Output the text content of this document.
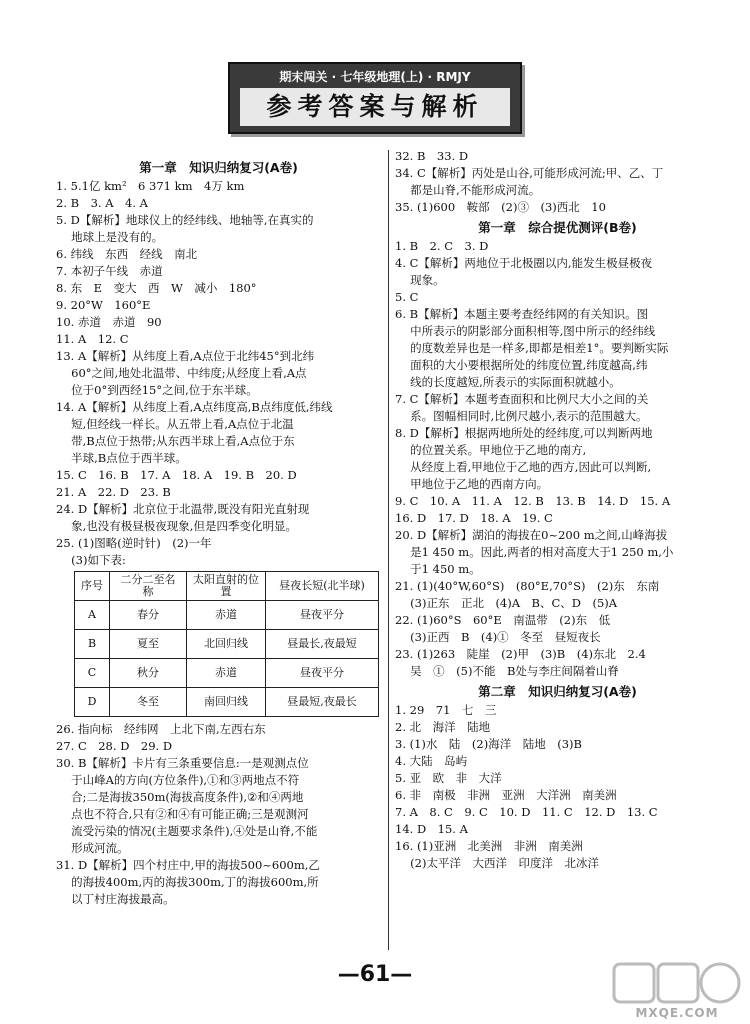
期末闯关 · 七年级地理(上) · RMJY
参考答案与解析
第一章　知识归纳复习(A卷)
1. 5.1亿 km²　6 371 km　4万 km
2. B　3. A　4. A
5. D【解析】地球仪上的经纬线、地轴等,在真实的
　 地球上是没有的。
6. 纬线　东西　经线　南北
7. 本初子午线　赤道
8. 东　E　变大　西　W　减小　180°
9. 20°W　160°E
10. 赤道　赤道　90
11. A　12. C
13. A【解析】从纬度上看,A点位于北纬45°到北纬
　 60°之间,地处北温带、中纬度;从经度上看,A点
　 位于0°到西经15°之间,位于东半球。
14. A【解析】从纬度上看,A点纬度高,B点纬度低,纬线
　 短,但经线一样长。从五带上看,A点位于北温
　 带,B点位于热带;从东西半球上看,A点位于东
　 半球,B点位于西半球。
15. C　16. B　17. A　18. A　19. B　20. D
21. A　22. D　23. B
24. D【解析】北京位于北温带,既没有阳光直射现
　 象,也没有极昼极夜现象,但是四季变化明显。
25. (1)图略(逆时针)　(2)一年
　 (3)如下表:
序号	二分二至名称	太阳直射的位置	昼夜长短(北半球)
A	春分	赤道	昼夜平分
B	夏至	北回归线	昼最长,夜最短
C	秋分	赤道	昼夜平分
D	冬至	南回归线	昼最短,夜最长
26. 指向标　经纬网　上北下南,左西右东
27. C　28. D　29. D
30. B【解析】卡片有三条重要信息:一是观测点位
　 于山峰A的方向(方位条件),①和③两地点不符
　 合;二是海拔350m(海拔高度条件),②和④两地
　 点也不符合,只有②和④有可能正确;三是观测河
　 流受污染的情况(主题要求条件),④处是山脊,不能
　 形成河流。
31. D【解析】四个村庄中,甲的海拔500~600m,乙
　 的海拔400m,丙的海拔300m,丁的海拔600m,所
　 以丁村庄海拔最高。
32. B　33. D
34. C【解析】丙处是山谷,可能形成河流;甲、乙、丁
　 都是山脊,不能形成河流。
35. (1)600　鞍部　(2)③　(3)西北　10
第一章　综合提优测评(B卷)
1. B　2. C　3. D
4. C【解析】两地位于北极圈以内,能发生极昼极夜
　 现象。
5. C
6. B【解析】本题主要考查经纬网的有关知识。图
　 中所表示的阴影部分面积相等,图中所示的经纬线
　 的度数差异也是一样多,即都是相差1°。要判断实际
　 面积的大小要根据所处的纬度位置,纬度越高,纬
　 线的长度越短,所表示的实际面积就越小。
7. C【解析】本题考查面积和比例尺大小之间的关
　 系。图幅相同时,比例尺越小,表示的范围越大。
8. D【解析】根据两地所处的经纬度,可以判断两地
　 的位置关系。甲地位于乙地的南方,
　 从经度上看,甲地位于乙地的西方,因此可以判断,
　 甲地位于乙地的西南方向。
9. C　10. A　11. A　12. B　13. B　14. D　15. A
16. D　17. D　18. A　19. C
20. D【解析】湖泊的海拔在0~200 m之间,山峰海拔
　 是1 450 m。因此,两者的相对高度大于1 250 m,小
　 于1 450 m。
21. (1)(40°W,60°S)　(80°E,70°S)　(2)东　东南
　 (3)正东　正北　(4)A　B、C、D　(5)A
22. (1)60°S　60°E　南温带　(2)东　低
　 (3)正西　B　(4)①　冬至　昼短夜长
23. (1)263　陡崖　(2)甲　(3)B　(4)东北　2.4
　 吴　①　(5)不能　B处与李庄间隔着山脊
第二章　知识归纳复习(A卷)
1. 29　71　七　三
2. 北　海洋　陆地
3. (1)水　陆　(2)海洋　陆地　(3)B
4. 大陆　岛屿
5. 亚　欧　非　大洋
6. 非　南极　非洲　亚洲　大洋洲　南美洲
7. A　8. C　9. C　10. D　11. C　12. D　13. C
14. D　15. A
16. (1)亚洲　北美洲　非洲　南美洲
　 (2)太平洋　大西洋　印度洋　北冰洋
—61—
MXQE.COM
